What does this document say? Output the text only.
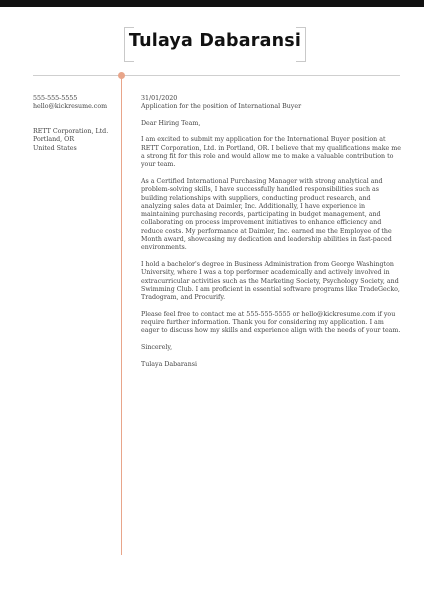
Tulaya Dabaransi
555-555-5555
hello@kickresume.com
RETT Corporation, Ltd.
Portland, OR
United States
31/01/2020

Application for the position of International Buyer

Dear Hiring Team,

I am excited to submit my application for the International Buyer position at RETT Corporation, Ltd. in Portland, OR. I believe that my qualifications make me a strong fit for this role and would allow me to make a valuable contribution to your team.

As a Certified International Purchasing Manager with strong analytical and problem-solving skills, I have successfully handled responsibilities such as building relationships with suppliers, conducting product research, and analyzing sales data at Daimler, Inc. Additionally, I have experience in maintaining purchasing records, participating in budget management, and collaborating on process improvement initiatives to enhance efficiency and reduce costs. My performance at Daimler, Inc. earned me the Employee of the Month award, showcasing my dedication and leadership abilities in fast-paced environments.

I hold a bachelor's degree in Business Administration from George Washington University, where I was a top performer academically and actively involved in extracurricular activities such as the Marketing Society, Psychology Society, and Swimming Club. I am proficient in essential software programs like TradeGecko, Tradogram, and Procurify.

Please feel free to contact me at 555-555-5555 or hello@kickresume.com if you require further information. Thank you for considering my application. I am eager to discuss how my skills and experience align with the needs of your team.

Sincerely,

Tulaya Dabaransi
